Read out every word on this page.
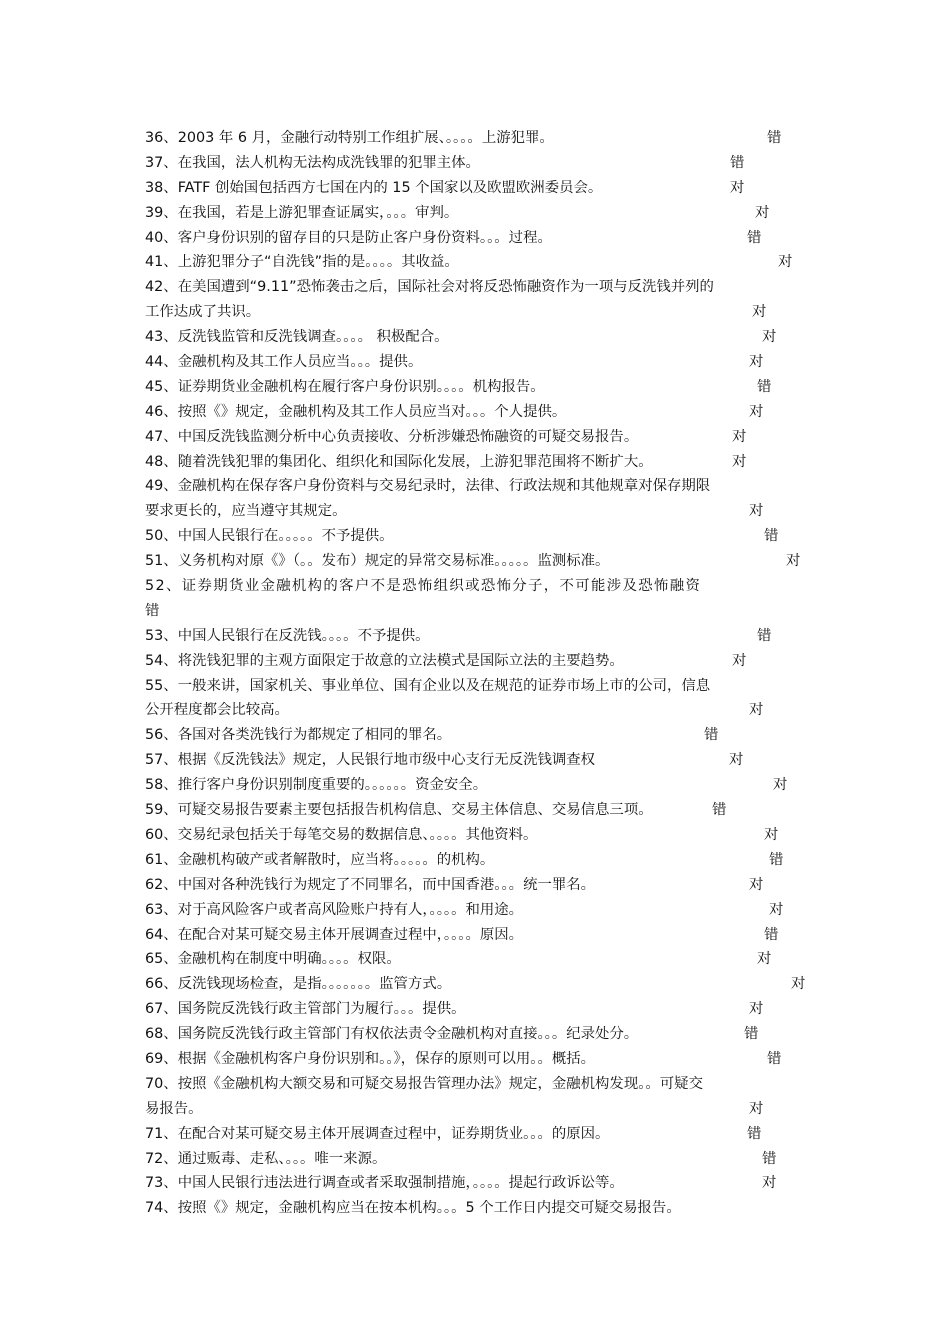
36、2003 年 6 月，金融行动特别工作组扩展、。。。。上游犯罪。	错
37、在我国，法人机构无法构成洗钱罪的犯罪主体。	错
38、FATF 创始国包括西方七国在内的 15 个国家以及欧盟欧洲委员会。	对
39、在我国，若是上游犯罪查证属实，。。。审判。	对
40、客户身份识别的留存目的只是防止客户身份资料。。。过程。	错
41、上游犯罪分子“自洗钱”指的是。。。。其收益。	对
42、在美国遭到“9.11”恐怖袭击之后，国际社会对将反恐怖融资作为一项与反洗钱并列的
工作达成了共识。	对
43、反洗钱监管和反洗钱调查。。。。 积极配合。	对
44、金融机构及其工作人员应当。。。提供。	对
45、证券期货业金融机构在履行客户身份识别。。。。机构报告。	错
46、按照《》规定，金融机构及其工作人员应当对。。。个人提供。	对
47、中国反洗钱监测分析中心负责接收、分析涉嫌恐怖融资的可疑交易报告。	对
48、随着洗钱犯罪的集团化、组织化和国际化发展，上游犯罪范围将不断扩大。	对
49、金融机构在保存客户身份资料与交易纪录时，法律、行政法规和其他规章对保存期限
要求更长的，应当遵守其规定。	对
50、中国人民银行在。。。。。不予提供。	错
51、义务机构对原《》（。。发布）规定的异常交易标准。。。。。监测标准。	对
52、证券期货业金融机构的客户不是恐怖组织或恐怖分子，不可能涉及恐怖融资
错
53、中国人民银行在反洗钱。。。。不予提供。	错
54、将洗钱犯罪的主观方面限定于故意的立法模式是国际立法的主要趋势。	对
55、一般来讲，国家机关、事业单位、国有企业以及在规范的证券市场上市的公司，信息
公开程度都会比较高。	对
56、各国对各类洗钱行为都规定了相同的罪名。	错
57、根据《反洗钱法》规定，人民银行地市级中心支行无反洗钱调查权	对
58、推行客户身份识别制度重要的。。。。。。资金安全。	对
59、可疑交易报告要素主要包括报告机构信息、交易主体信息、交易信息三项。	错
60、交易纪录包括关于每笔交易的数据信息、。。。。其他资料。	对
61、金融机构破产或者解散时，应当将。。。。。的机构。	错
62、中国对各种洗钱行为规定了不同罪名，而中国香港。。。统一罪名。	对
63、对于高风险客户或者高风险账户持有人，。。。。和用途。	对
64、在配合对某可疑交易主体开展调查过程中，。。。。原因。	错
65、金融机构在制度中明确。。。。权限。	对
66、反洗钱现场检查，是指。。。。。。。监管方式。	对
67、国务院反洗钱行政主管部门为履行。。。提供。	对
68、国务院反洗钱行政主管部门有权依法责令金融机构对直接。。。纪录处分。	错
69、根据《金融机构客户身份识别和。。》，保存的原则可以用。。概括。	错
70、按照《金融机构大额交易和可疑交易报告管理办法》规定，金融机构发现。。可疑交
易报告。	对
71、在配合对某可疑交易主体开展调查过程中，证券期货业。。。的原因。	错
72、通过贩毒、走私、。。。唯一来源。	错
73、中国人民银行违法进行调查或者采取强制措施，。。。。提起行政诉讼等。	对
74、按照《》规定，金融机构应当在按本机构。。。5 个工作日内提交可疑交易报告。
